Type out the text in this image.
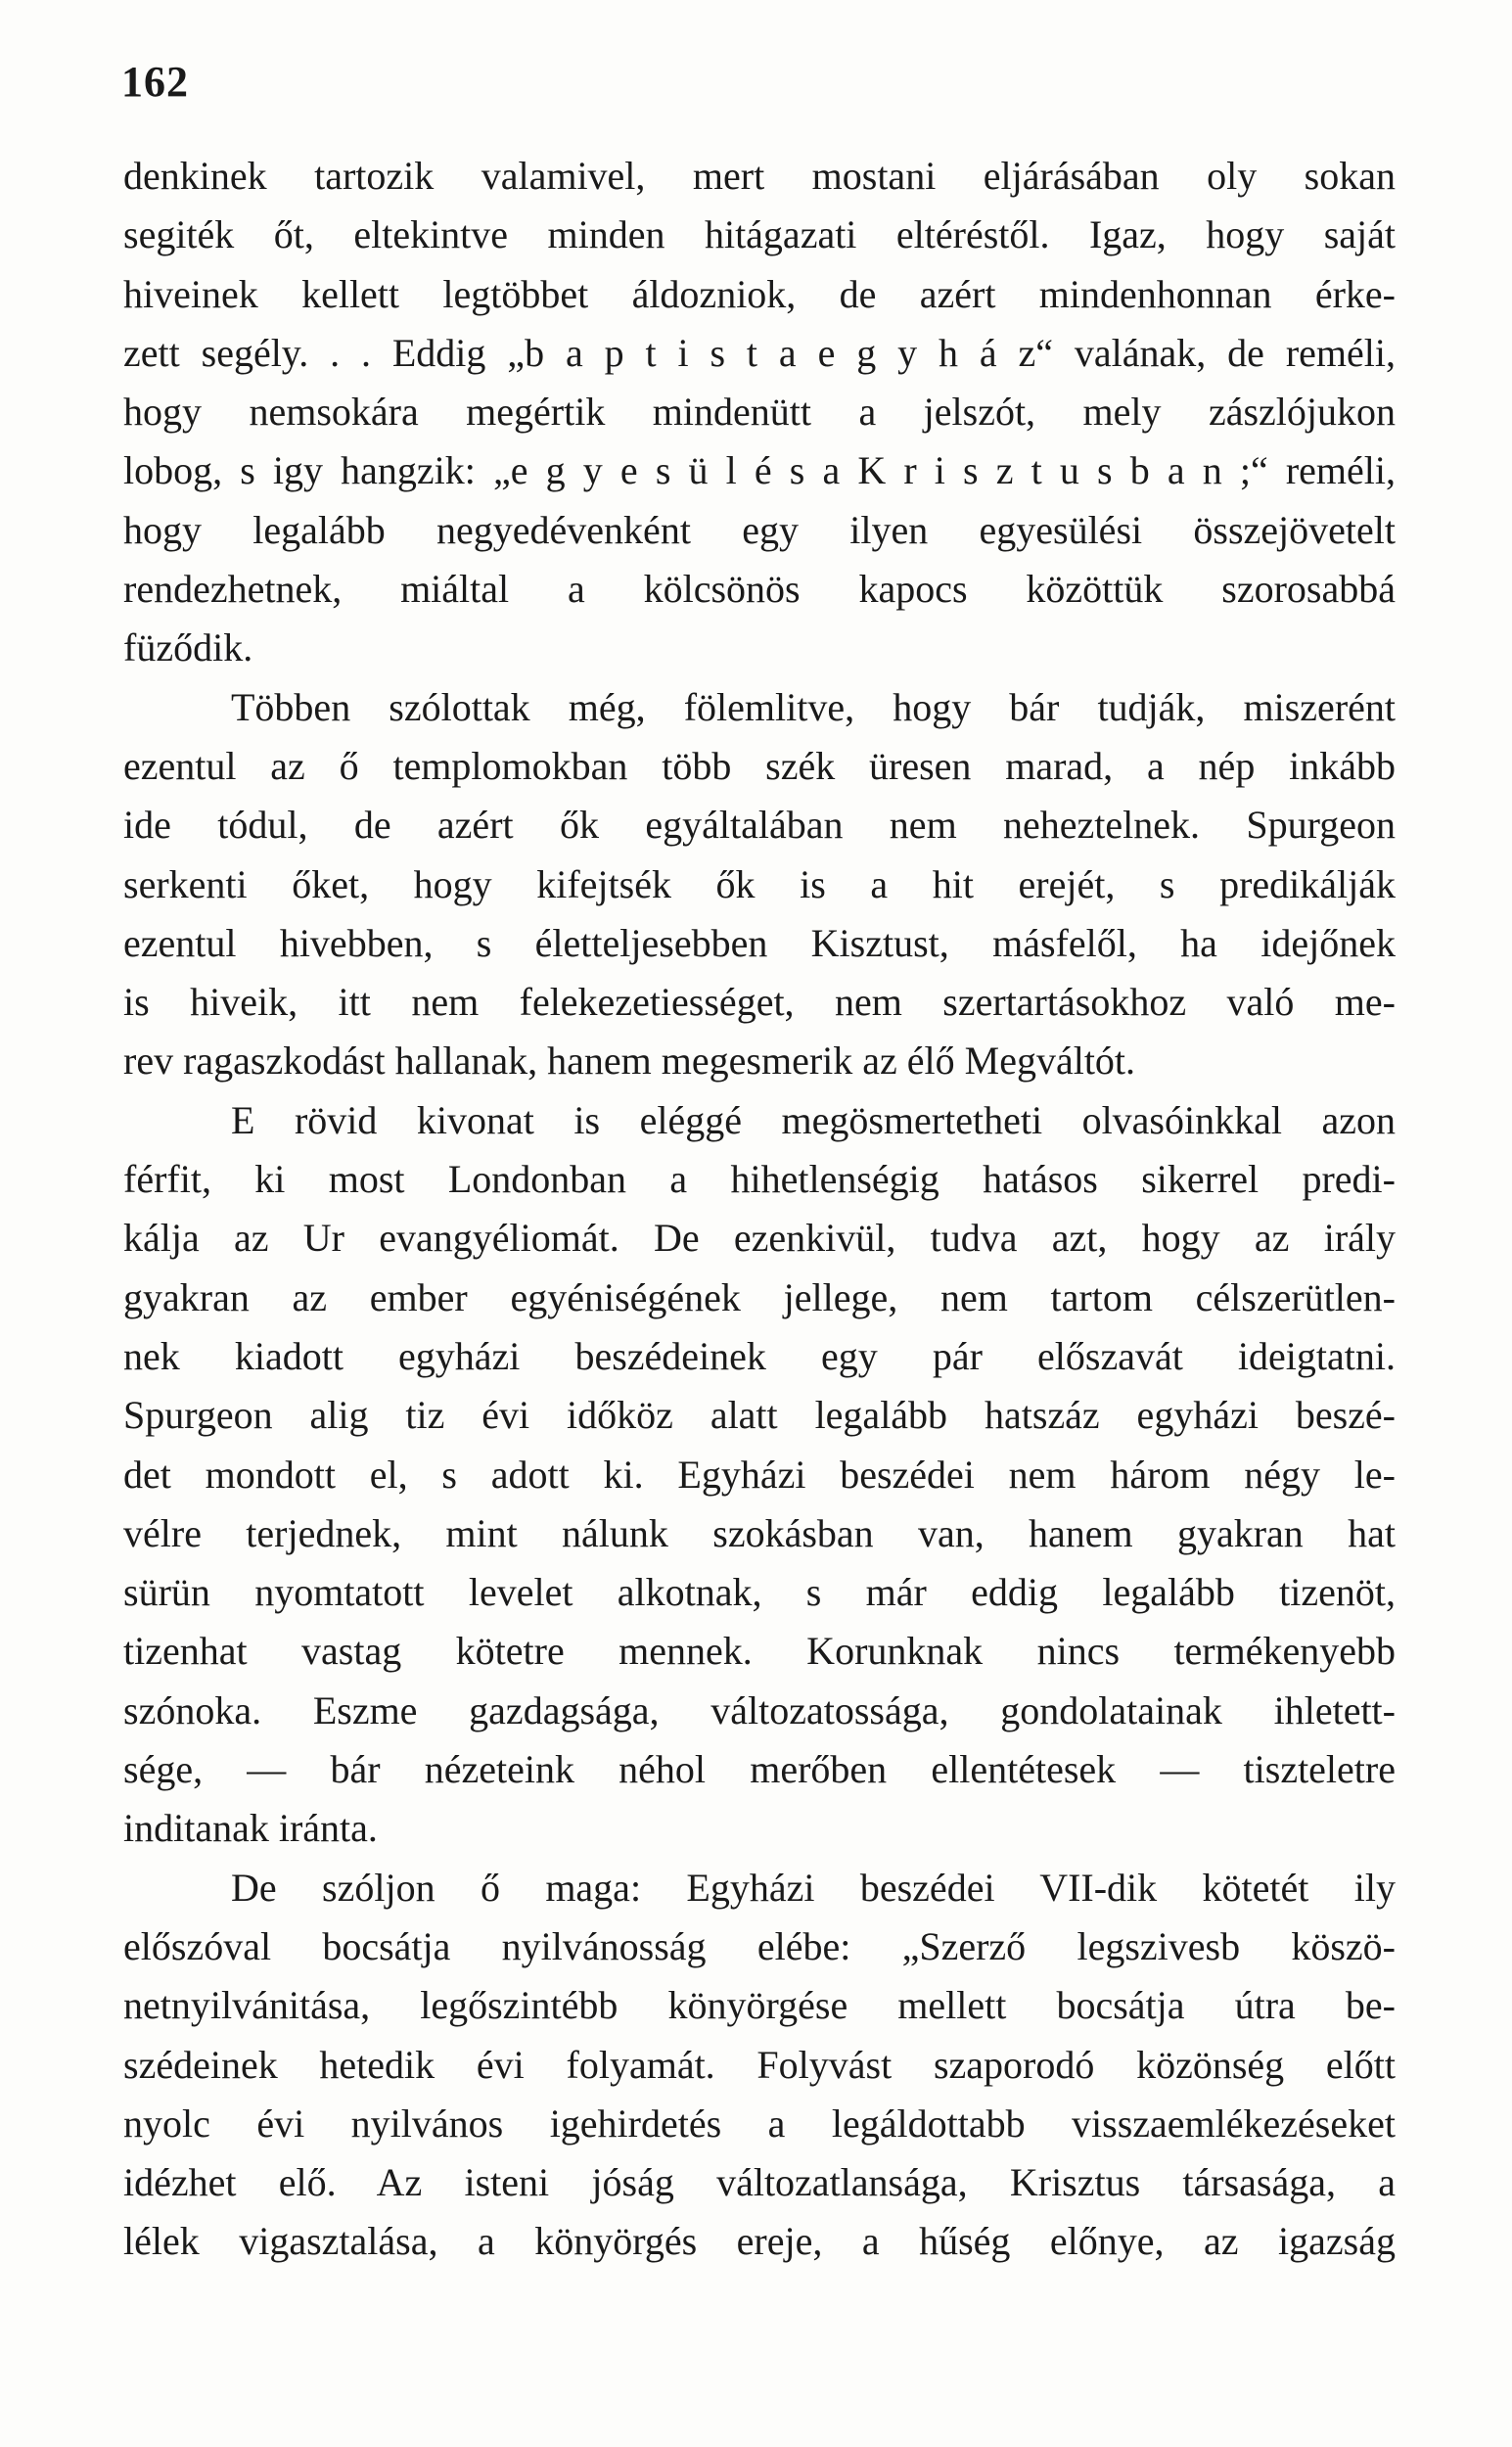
162
denkinek tartozik valamivel, mert mostani eljárásában oly sokan
segiték őt, eltekintve minden hitágazati eltéréstől. Igaz, hogy saját
hiveinek kellett legtöbbet áldozniok, de azért mindenhonnan érke-
zett segély. . . Eddig „b a p t i s t a e g y h á z“ valának, de reméli,
hogy nemsokára megértik mindenütt a jelszót, mely zászlójukon
lobog, s igy hangzik: „e g y e s ü l é s a K r i s z t u s b a n ;“ reméli,
hogy legalább negyedévenként egy ilyen egyesülési összejövetelt
rendezhetnek, miáltal a kölcsönös kapocs közöttük szorosabbá
füződik.
Többen szólottak még, fölemlitve, hogy bár tudják, miszerént
ezentul az ő templomokban több szék üresen marad, a nép inkább
ide tódul, de azért ők egyáltalában nem neheztelnek. Spurgeon
serkenti őket, hogy kifejtsék ők is a hit erejét, s predikálják
ezentul hivebben, s életteljesebben Kisztust, másfelől, ha idejőnek
is hiveik, itt nem felekezetiességet, nem szertartásokhoz való me-
rev ragaszkodást hallanak, hanem megesmerik az élő Megváltót.
E rövid kivonat is eléggé megösmertetheti olvasóinkkal azon
férfit, ki most Londonban a hihetlenségig hatásos sikerrel predi-
kálja az Ur evangyéliomát. De ezenkivül, tudva azt, hogy az irály
gyakran az ember egyéniségének jellege, nem tartom célszerütlen-
nek kiadott egyházi beszédeinek egy pár előszavát ideigtatni.
Spurgeon alig tiz évi időköz alatt legalább hatszáz egyházi beszé-
det mondott el, s adott ki. Egyházi beszédei nem három négy le-
vélre terjednek, mint nálunk szokásban van, hanem gyakran hat
sürün nyomtatott levelet alkotnak, s már eddig legalább tizenöt,
tizenhat vastag kötetre mennek. Korunknak nincs termékenyebb
szónoka. Eszme gazdagsága, változatossága, gondolatainak ihletett-
sége, — bár nézeteink néhol merőben ellentétesek — tiszteletre
inditanak iránta.
De szóljon ő maga: Egyházi beszédei VII-dik kötetét ily
előszóval bocsátja nyilvánosság elébe: „Szerző legszivesb köszö-
netnyilvánitása, legőszintébb könyörgése mellett bocsátja útra be-
szédeinek hetedik évi folyamát. Folyvást szaporodó közönség előtt
nyolc évi nyilvános igehirdetés a legáldottabb visszaemlékezéseket
idézhet elő. Az isteni jóság változatlansága, Krisztus társasága, a
lélek vigasztalása, a könyörgés ereje, a hűség előnye, az igazság
